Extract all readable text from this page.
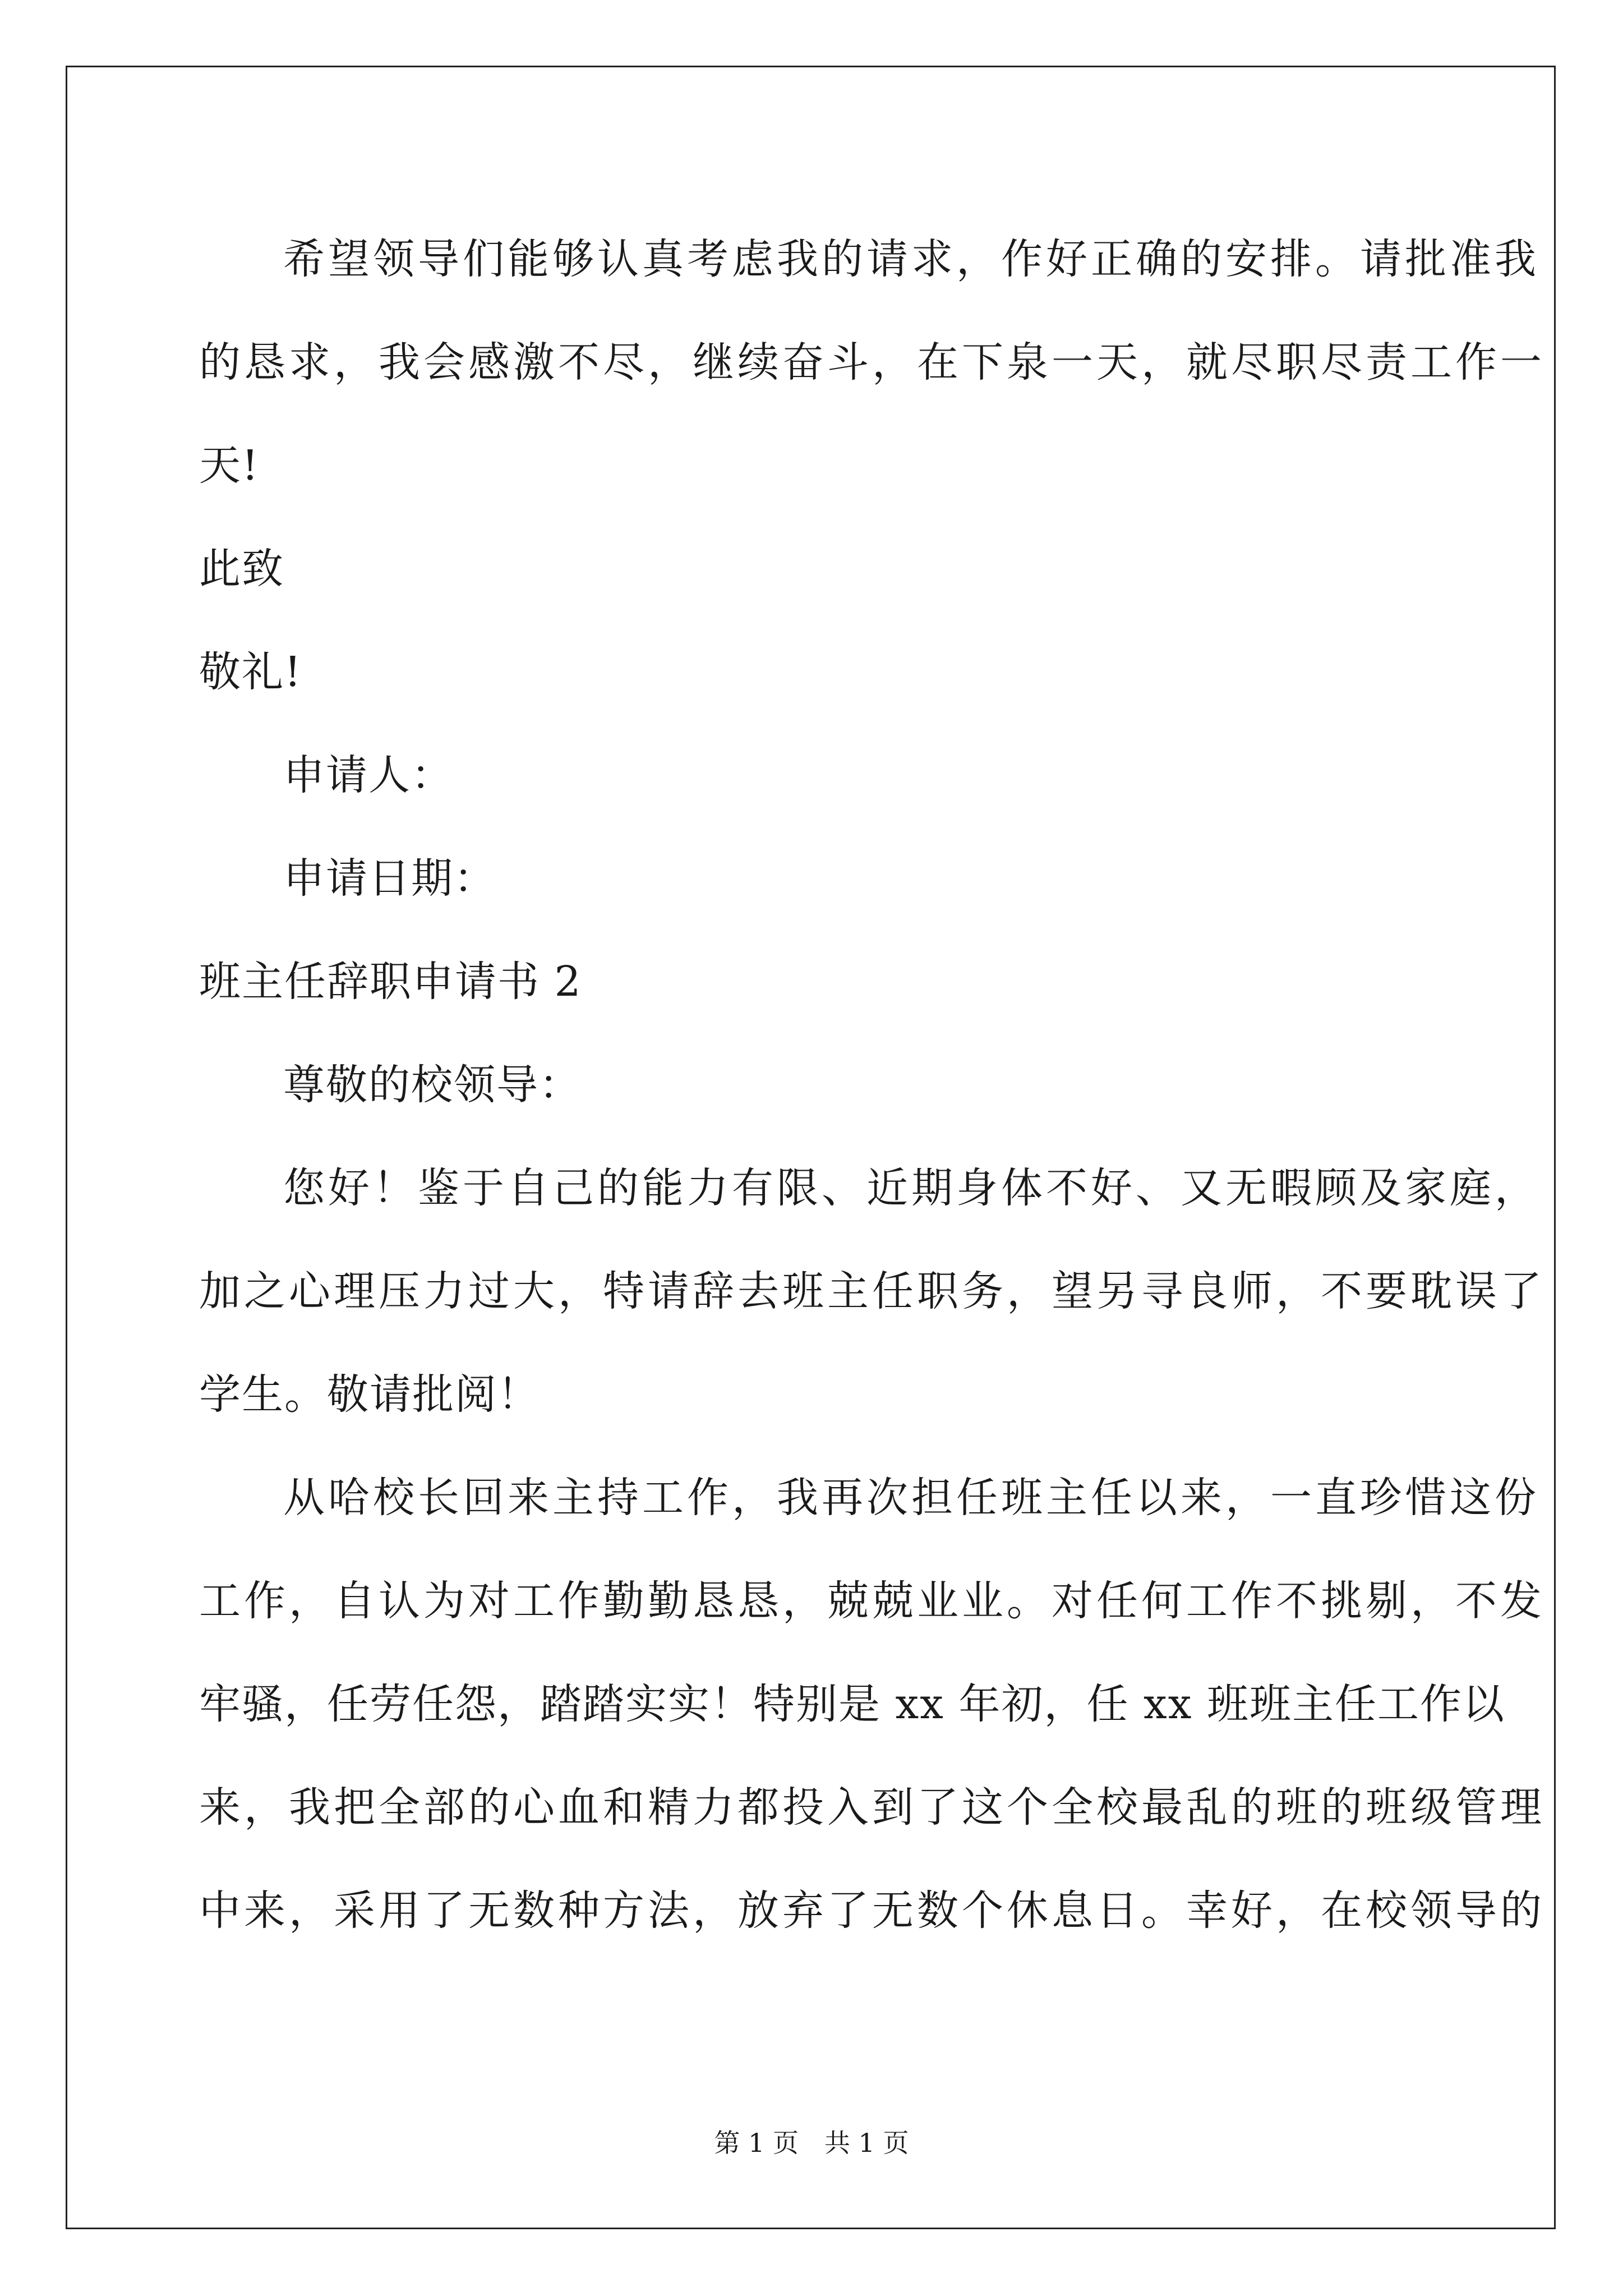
希望领导们能够认真考虑我的请求，作好正确的安排。请批准我
的恳求，我会感激不尽，继续奋斗，在下泉一天，就尽职尽责工作一
天!
此致
敬礼!
申请人：
申请日期：
班主任辞职申请书 2
尊敬的校领导：
您好！鉴于自己的能力有限、近期身体不好、又无暇顾及家庭，
加之心理压力过大，特请辞去班主任职务，望另寻良师，不要耽误了
学生。敬请批阅！
从哈校长回来主持工作，我再次担任班主任以来，一直珍惜这份
工作，自认为对工作勤勤恳恳，兢兢业业。对任何工作不挑剔，不发
牢骚，任劳任怨，踏踏实实！特别是 xx 年初，任 xx 班班主任工作以
来，我把全部的心血和精力都投入到了这个全校最乱的班的班级管理
中来，采用了无数种方法，放弃了无数个休息日。幸好，在校领导的
第 1 页　共 1 页
